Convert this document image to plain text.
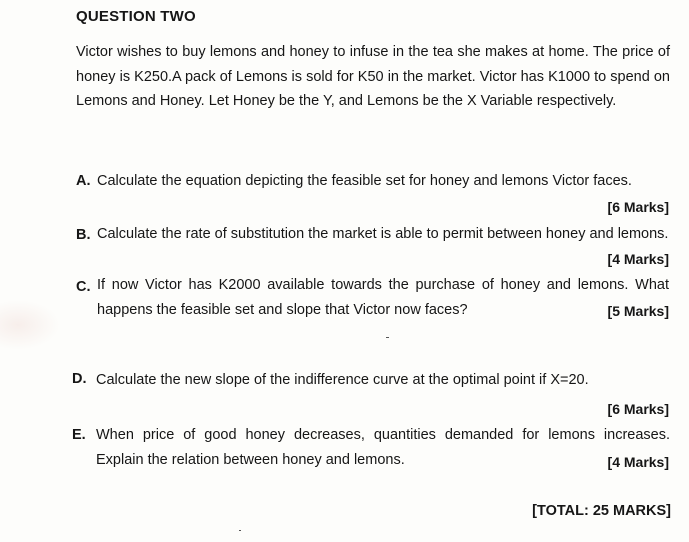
QUESTION TWO
Victor wishes to buy lemons and honey to infuse in the tea she makes at home. The price of honey is K250.A pack of Lemons is sold for K50 in the market. Victor has K1000 to spend on Lemons and Honey. Let Honey be the Y, and Lemons be the X Variable respectively.
A. Calculate the equation depicting the feasible set for honey and lemons Victor faces.
[6 Marks]
B. Calculate the rate of substitution the market is able to permit between honey and lemons.
[4 Marks]
C. If now Victor has K2000 available towards the purchase of honey and lemons. What happens the feasible set and slope that Victor now faces?	[5 Marks]
D. Calculate the new slope of the indifference curve at the optimal point if X=20.
[6 Marks]
E. When price of good honey decreases, quantities demanded for lemons increases. Explain the relation between honey and lemons.	[4 Marks]
[TOTAL: 25 MARKS]
